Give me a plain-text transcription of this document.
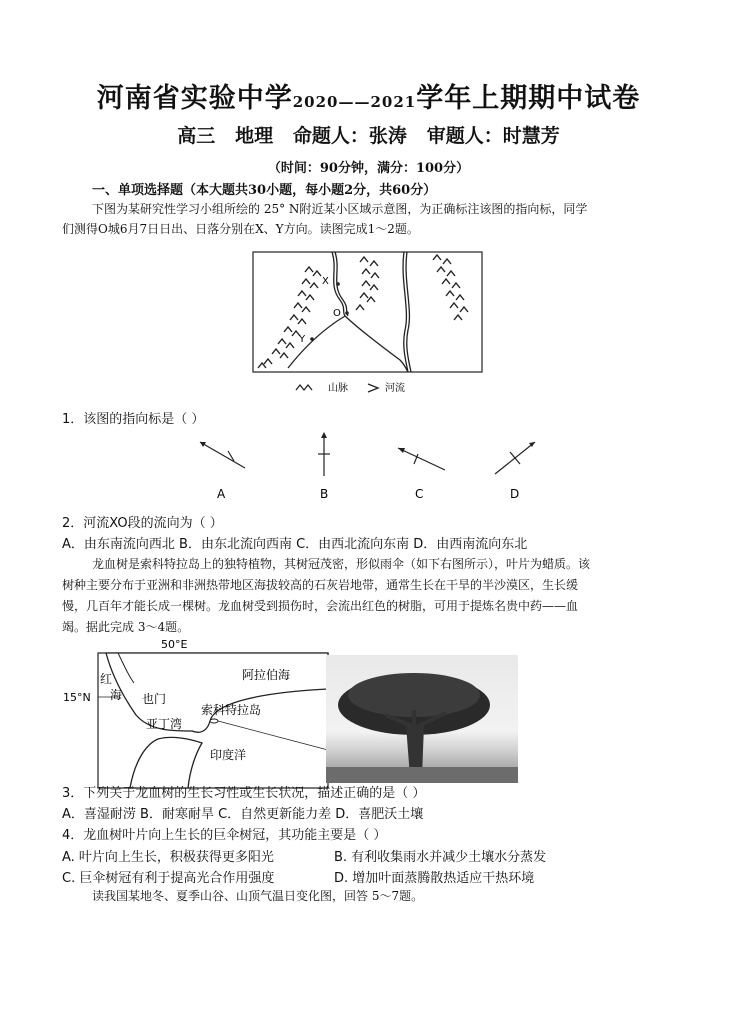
河南省实验中学2020——2021学年上期期中试卷
高三   地理   命题人：张涛   审题人：时慧芳
（时间：90分钟，满分：100分）
一、单项选择题（本大题共30小题，每小题2分，共60分）
下图为某研究性学习小组所绘的 25° N附近某小区域示意图，为正确标注该图的指向标，同学
们测得O城6月7日日出、日落分别在X、Y方向。读图完成1～2题。
X
O
Y
山脉	河流
1．该图的指向标是（ ）
A	B	C	D
2．河流XO段的流向为（ ）
A．由东南流向西北 B．由东北流向西南 C．由西北流向东南 D．由西南流向东北
龙血树是索科特拉岛上的独特植物，其树冠茂密，形似雨伞（如下右图所示），叶片为蜡质。该
树种主要分布于亚洲和非洲热带地区海拔较高的石灰岩地带，通常生长在干旱的半沙漠区，生长缓
慢，几百年才能长成一棵树。龙血树受到损伤时，会流出红色的树脂，可用于提炼名贵中药——血
竭。据此完成 3～4题。
50°E
15°N
红
海 也门
阿拉伯海
索科特拉岛
亚丁湾
印度洋
3．下列关于龙血树的生长习性或生长状况，描述正确的是（ ）
A．喜湿耐涝 B．耐寒耐旱 C．自然更新能力差 D．喜肥沃土壤
4．龙血树叶片向上生长的巨伞树冠，其功能主要是（ ）
A. 叶片向上生长，积极获得更多阳光	B. 有利收集雨水并减少土壤水分蒸发
C. 巨伞树冠有利于提高光合作用强度	D. 增加叶面蒸腾散热适应干热环境
读我国某地冬、夏季山谷、山顶气温日变化图，回答 5～7题。
